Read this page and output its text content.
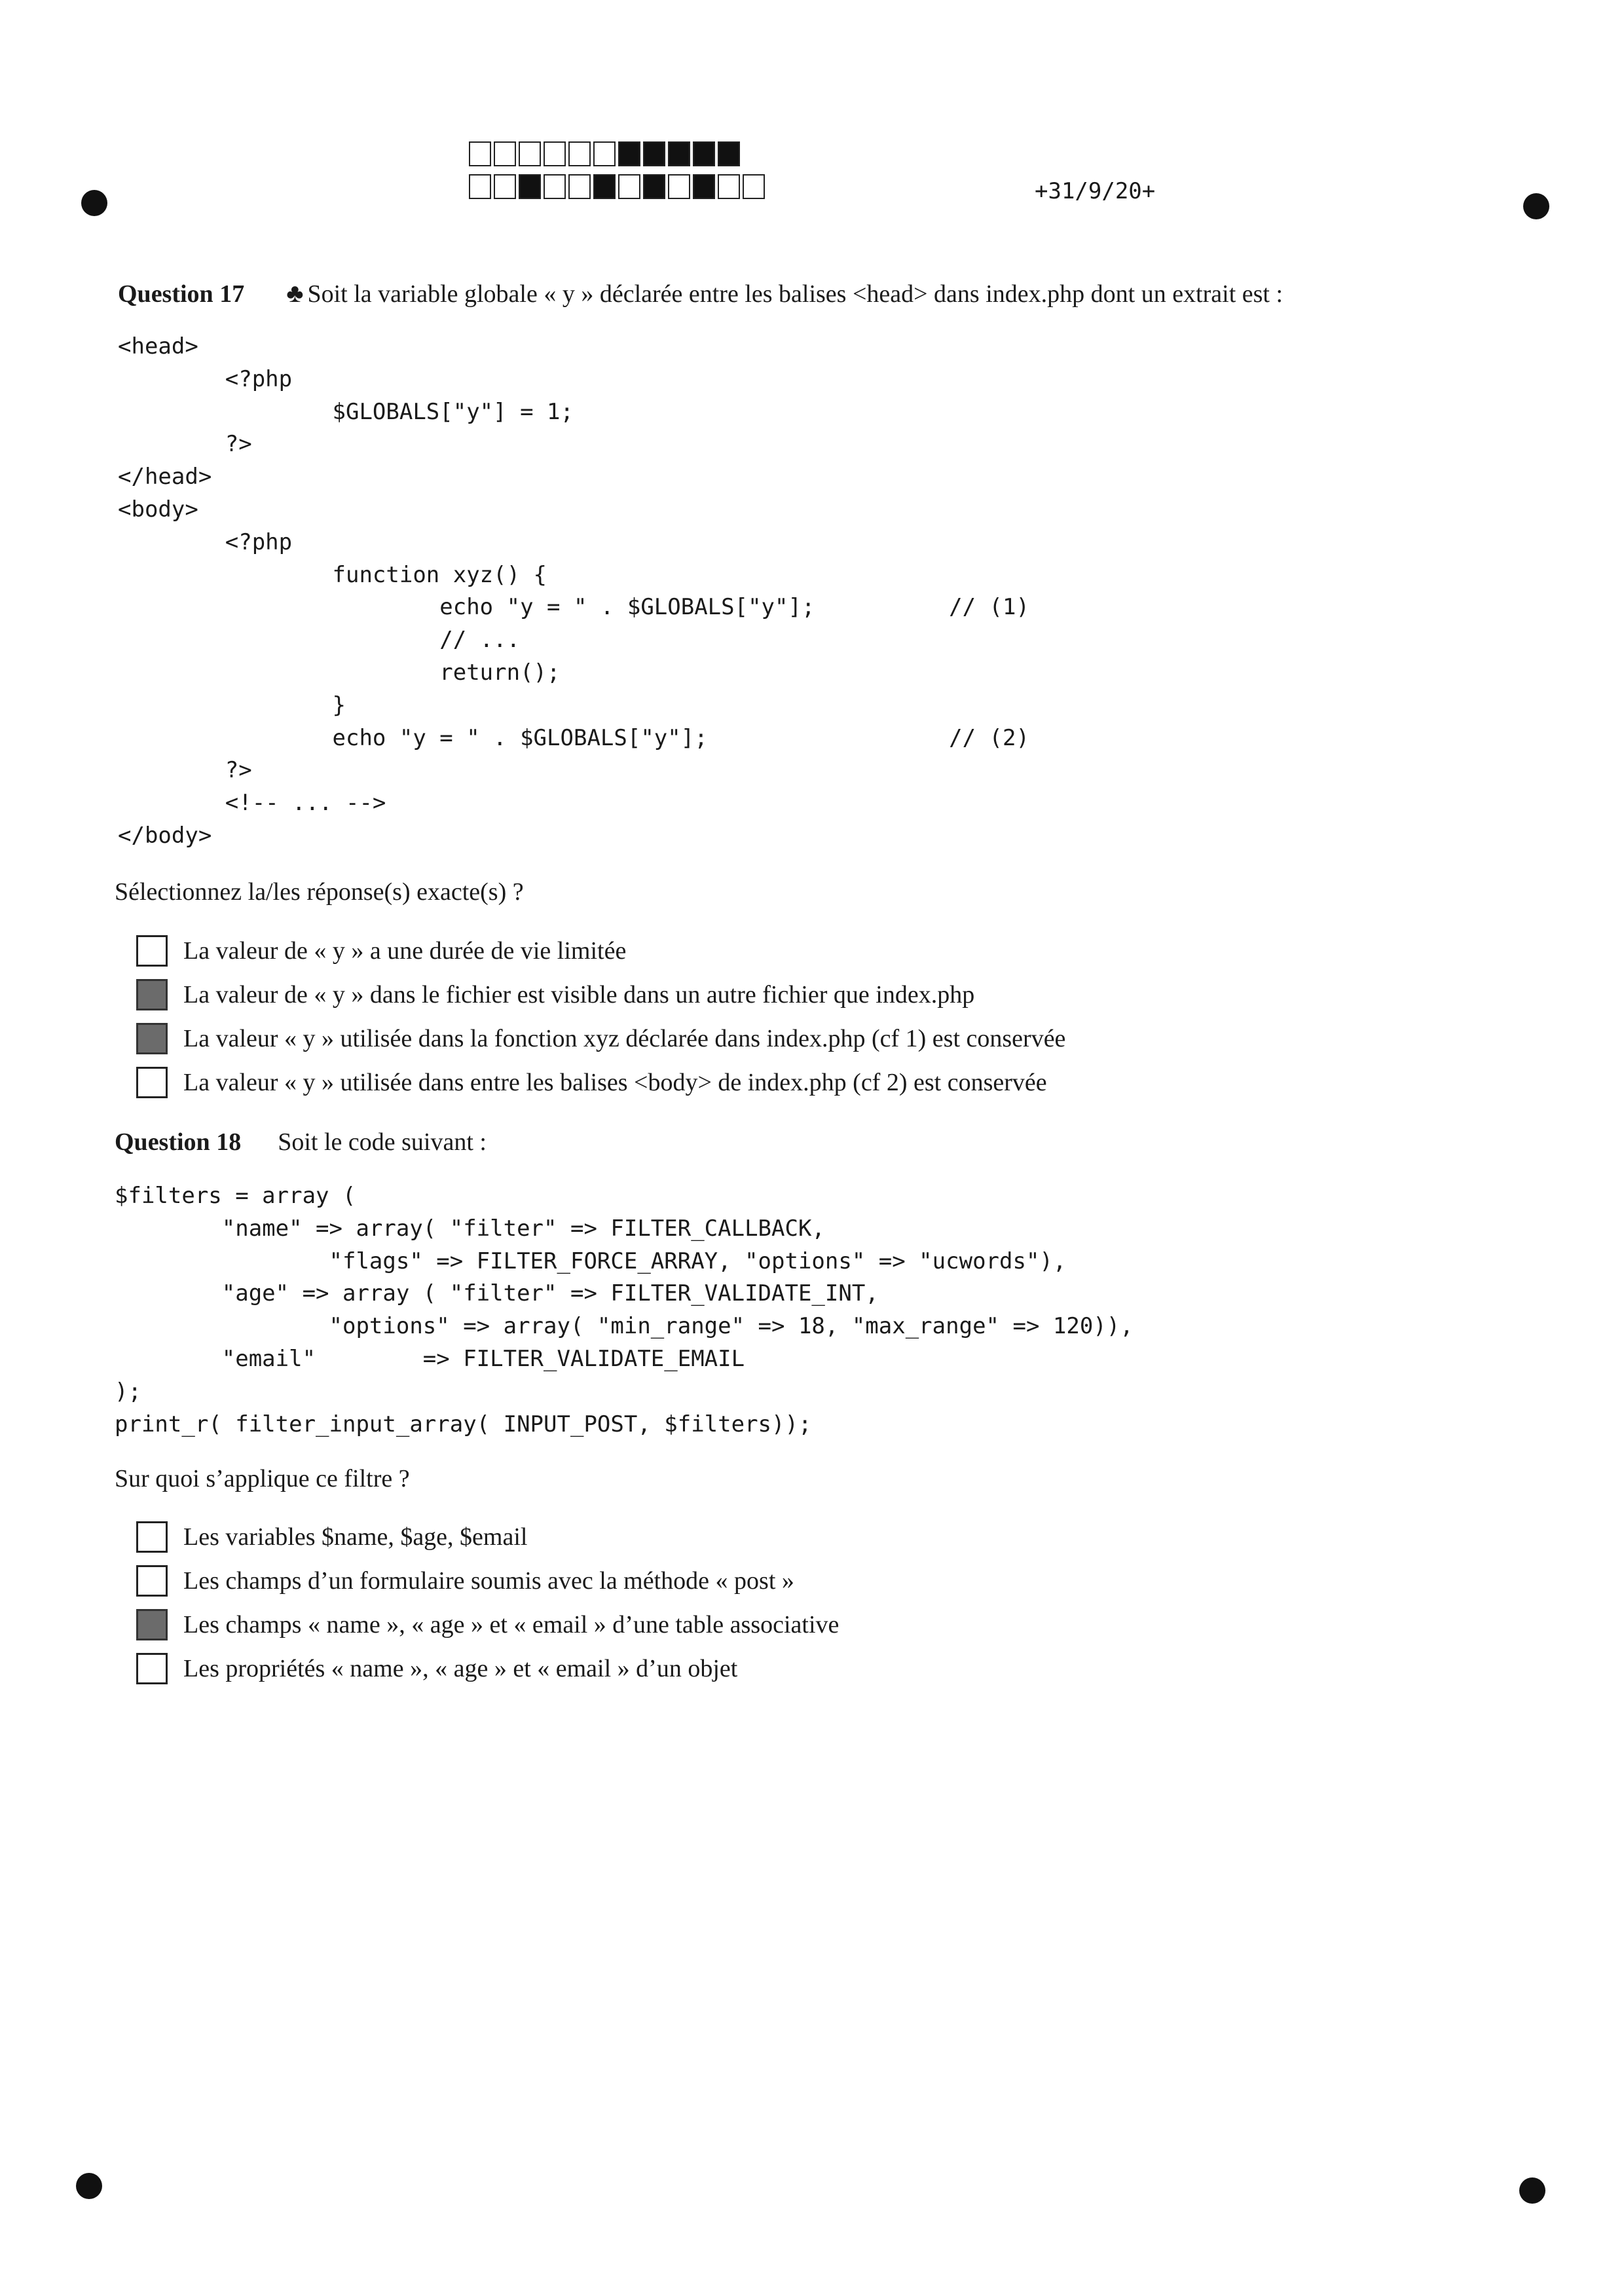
+31/9/20+
Question 17 ♣ Soit la variable globale « y » déclarée entre les balises <head> dans index.php dont un extrait est :
<head>
<?php
$GLOBALS["y"] = 1;
?>
</head>
<body>
<?php
function xyz() {
echo "y = " . $GLOBALS["y"];          // (1)
// ...
return();
}
echo "y = " . $GLOBALS["y"];                  // (2)
?>
<!-- ... -->
</body>
Sélectionnez la/les réponse(s) exacte(s) ?
La valeur de « y » a une durée de vie limitée
La valeur de « y » dans le fichier est visible dans un autre fichier que index.php
La valeur « y » utilisée dans la fonction xyz déclarée dans index.php (cf 1) est conservée
La valeur « y » utilisée dans entre les balises <body> de index.php (cf 2) est conservée
Question 18 Soit le code suivant :
$filters = array (
"name" => array( "filter" => FILTER_CALLBACK,
"flags" => FILTER_FORCE_ARRAY, "options" => "ucwords"),
"age" => array ( "filter" => FILTER_VALIDATE_INT,
"options" => array( "min_range" => 18, "max_range" => 120)),
"email"        => FILTER_VALIDATE_EMAIL
);
print_r( filter_input_array( INPUT_POST, $filters));
Sur quoi s’applique ce filtre ?
Les variables $name, $age, $email
Les champs d’un formulaire soumis avec la méthode « post »
Les champs « name », « age » et « email » d’une table associative
Les propriétés « name », « age » et « email » d’un objet
